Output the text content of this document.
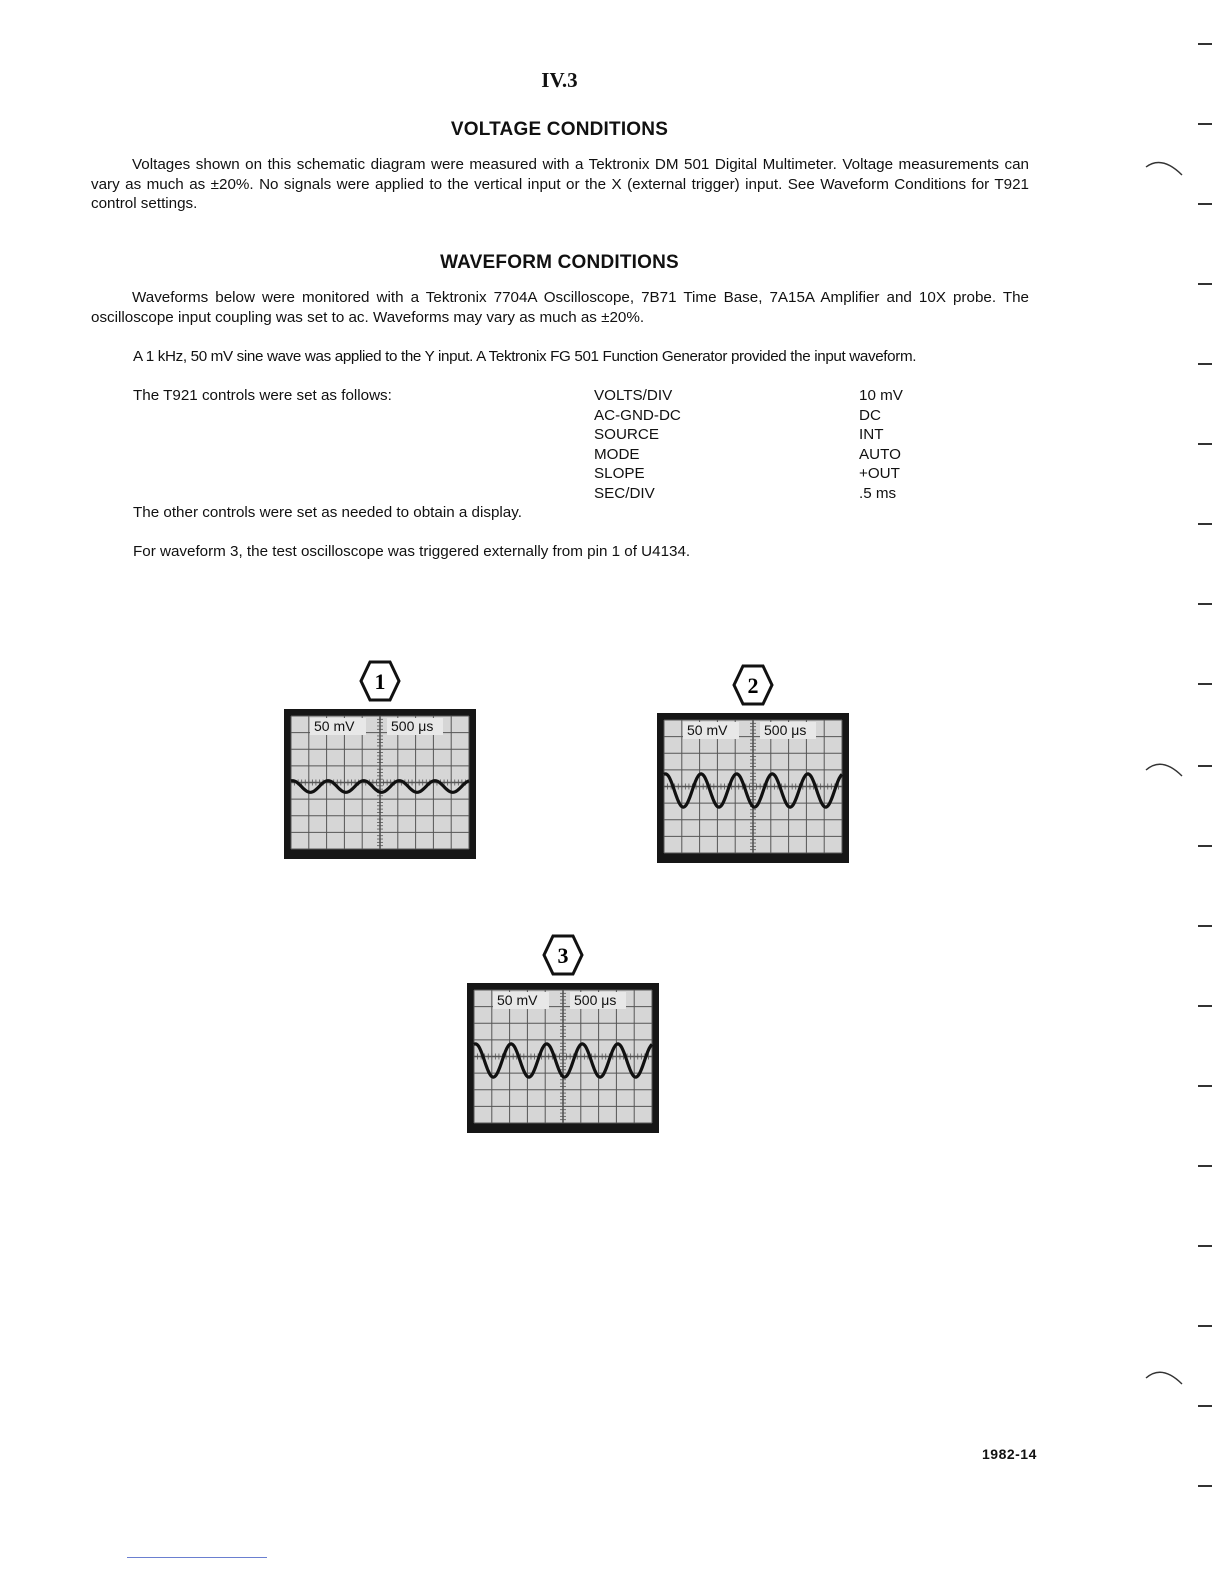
IV.3
VOLTAGE CONDITIONS
Voltages shown on this schematic diagram were measured with a Tektronix DM 501 Digital Multimeter. Voltage measurements can vary as much as ±20%. No signals were applied to the vertical input or the X (external trigger) input. See Waveform Conditions for T921 control settings.
WAVEFORM CONDITIONS
Waveforms below were monitored with a Tektronix 7704A Oscilloscope, 7B71 Time Base, 7A15A Amplifier and 10X probe. The oscilloscope input coupling was set to ac. Waveforms may vary as much as ±20%.
A 1 kHz, 50 mV sine wave was applied to the Y input. A Tektronix FG 501 Function Generator provided the input waveform.
The T921 controls were set as follows:	VOLTS/DIV	10 mV
AC-GND-DC	DC
SOURCE	INT
MODE	AUTO
SLOPE	+OUT
SEC/DIV	.5 ms
The other controls were set as needed to obtain a display.
For waveform 3, the test oscilloscope was triggered externally from pin 1 of U4134.
1
50 mV	500 μs
2
50 mV	500 μs
3
50 mV	500 μs
1982-14
